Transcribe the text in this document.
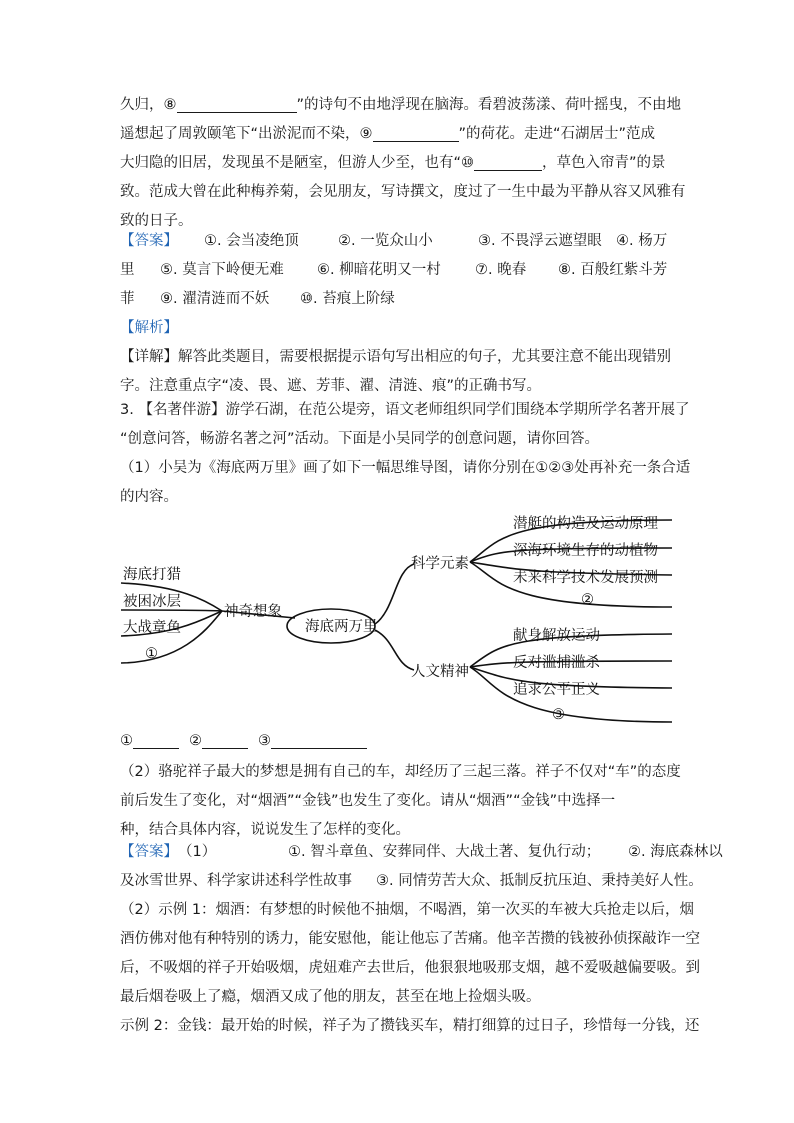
久归，⑧	”的诗句不由地浮现在脑海。看碧波荡漾、荷叶摇曳，不由地
遥想起了周敦颐笔下“出淤泥而不染，⑨	”的荷花。走进“石湖居士”范成
大归隐的旧居，发现虽不是陋室，但游人少至，也有“⑩	，草色入帘青”的景
致。范成大曾在此种梅养菊，会见朋友，写诗撰文，度过了一生中最为平静从容又风雅有
致的日子。
【答案】 ①. 会当凌绝顶	②. 一览众山小	③. 不畏浮云遮望眼 ④. 杨万
里 ⑤. 莫言下岭便无难 ⑥. 柳暗花明又一村 ⑦. 晚春 ⑧. 百般红紫斗芳
菲 ⑨. 濯清涟而不妖 ⑩. 苔痕上阶绿
【解析】
【详解】解答此类题目，需要根据提示语句写出相应的句子，尤其要注意不能出现错别
字。注意重点字“凌、畏、遮、芳菲、濯、清涟、痕”的正确书写。
3. 【名著伴游】游学石湖，在范公堤旁，语文老师组织同学们围绕本学期所学名著开展了
“创意问答，畅游名著之河”活动。下面是小吴同学的创意问题，请你回答。
（1）小吴为《海底两万里》画了如下一幅思维导图，请你分别在①②③处再补充一条合适
的内容。
海底两万里
神奇想象
海底打猎
被困冰层
大战章鱼
①
科学元素
潜艇的构造及运动原理
深海环境生存的动植物
未来科学技术发展预测
②
人文精神
献身解放运动
反对滥捕滥杀
追求公平正义
③
①	②	③
（2）骆驼祥子最大的梦想是拥有自己的车，却经历了三起三落。祥子不仅对“车”的态度
前后发生了变化，对“烟酒”“金钱”也发生了变化。请从“烟酒”“金钱”中选择一
种，结合具体内容，说说发生了怎样的变化。
【答案】（1）	①. 智斗章鱼、安葬同伴、大战土著、复仇行动； ②. 海底森林以
及冰雪世界、科学家讲述科学性故事 ③. 同情劳苦大众、抵制反抗压迫、秉持美好人性。
（2）示例 1：烟酒：有梦想的时候他不抽烟，不喝酒，第一次买的车被大兵抢走以后，烟
酒仿佛对他有种特别的诱力，能安慰他，能让他忘了苦痛。他辛苦攒的钱被孙侦探敲诈一空
后，不吸烟的祥子开始吸烟，虎妞难产去世后，他狠狠地吸那支烟，越不爱吸越偏要吸。到
最后烟卷吸上了瘾，烟酒又成了他的朋友，甚至在地上捡烟头吸。
示例 2：金钱：最开始的时候，祥子为了攒钱买车，精打细算的过日子，珍惜每一分钱，还
